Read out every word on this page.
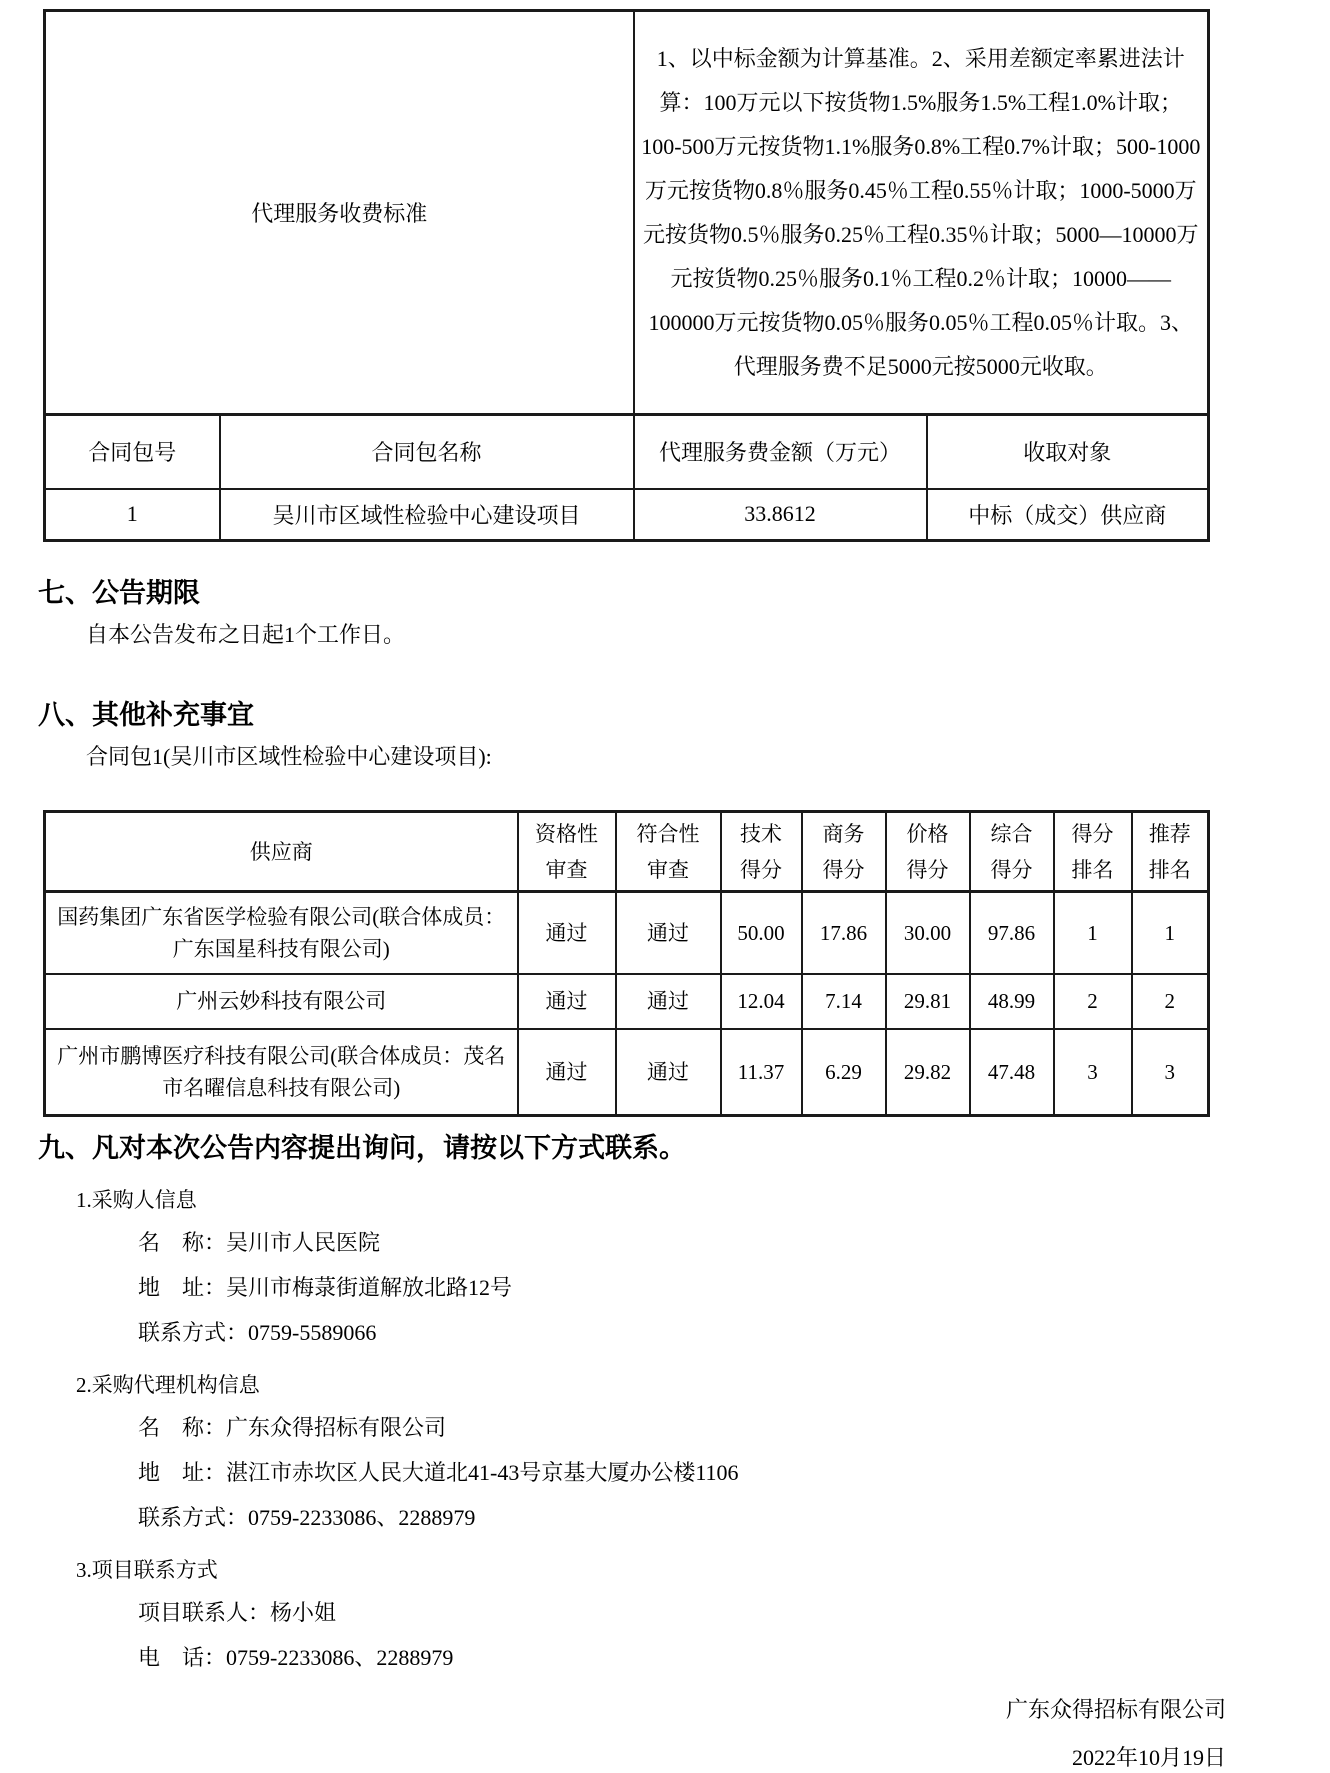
代理服务收费标准		1、以中标金额为计算基准。2、采用差额定率累进法计算：100万元以下按货物1.5%服务1.5%工程1.0%计取；100-500万元按货物1.1%服务0.8%工程0.7%计取；500-1000万元按货物0.8％服务0.45％工程0.55％计取；1000-5000万元按货物0.5％服务0.25％工程0.35％计取；5000—10000万元按货物0.25％服务0.1％工程0.2％计取；10000——100000万元按货物0.05％服务0.05％工程0.05％计取。3、代理服务费不足5000元按5000元收取。	
合同包号	合同包名称	代理服务费金额（万元）	收取对象
1	吴川市区域性检验中心建设项目	33.8612	中标（成交）供应商
七、公告期限
自本公告发布之日起1个工作日。
八、其他补充事宜
合同包1(吴川市区域性检验中心建设项目):
供应商	资格性审查	符合性审查	技术得分	商务得分	价格得分	综合得分	得分排名	推荐排名
国药集团广东省医学检验有限公司(联合体成员：广东国星科技有限公司)	通过	通过	50.00	17.86	30.00	97.86	1	1
广州云妙科技有限公司	通过	通过	12.04	7.14	29.81	48.99	2	2
广州市鹏博医疗科技有限公司(联合体成员：茂名市名曜信息科技有限公司)	通过	通过	11.37	6.29	29.82	47.48	3	3
九、凡对本次公告内容提出询问，请按以下方式联系。
1.采购人信息
名　称：吴川市人民医院
地　址：吴川市梅菉街道解放北路12号
联系方式：0759-5589066
2.采购代理机构信息
名　称：广东众得招标有限公司
地　址：湛江市赤坎区人民大道北41-43号京基大厦办公楼1106
联系方式：0759-2233086、2288979
3.项目联系方式
项目联系人：杨小姐
电　话：0759-2233086、2288979
广东众得招标有限公司
2022年10月19日
